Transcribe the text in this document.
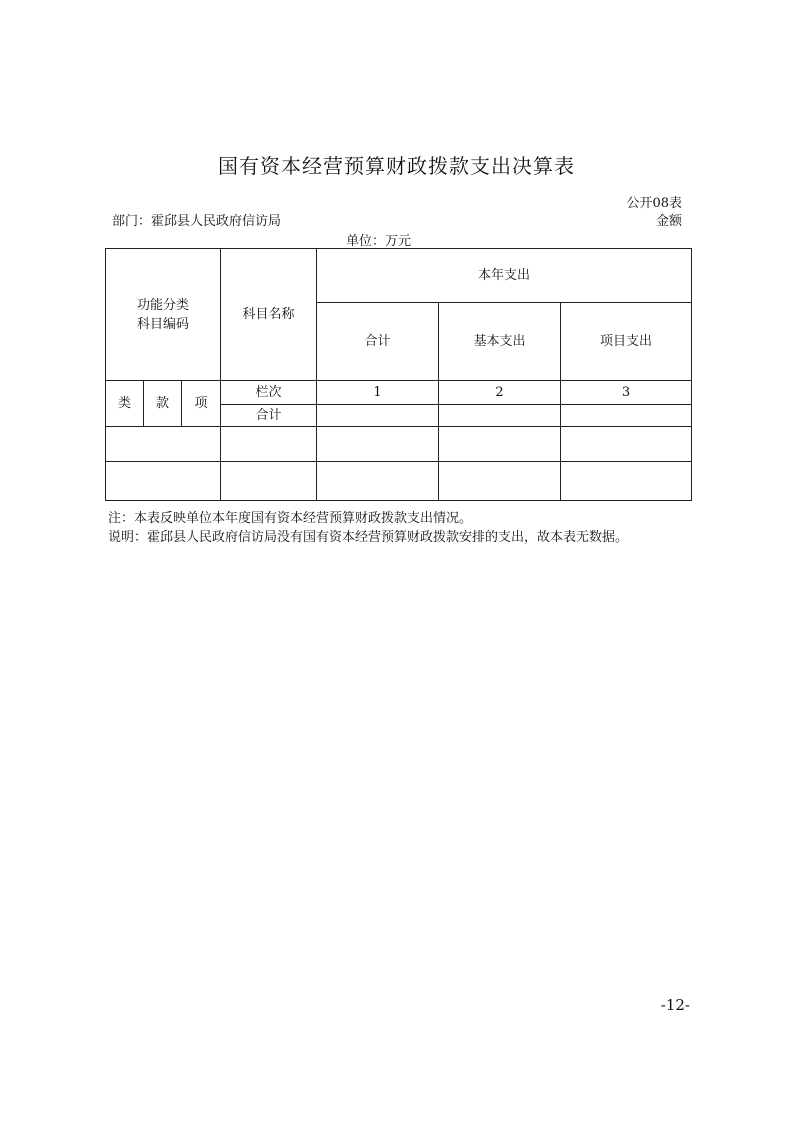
国有资本经营预算财政拨款支出决算表
公开08表
部门：霍邱县人民政府信访局	金额
单位：万元
功能分类
科目编码			科目名称	本年支出		
				合计	基本支出	项目支出
类	款	项	栏次	1	2	3
			合计			

注：本表反映单位本年度国有资本经营预算财政拨款支出情况。
说明：霍邱县人民政府信访局没有国有资本经营预算财政拨款安排的支出，故本表无数据。
-12-
